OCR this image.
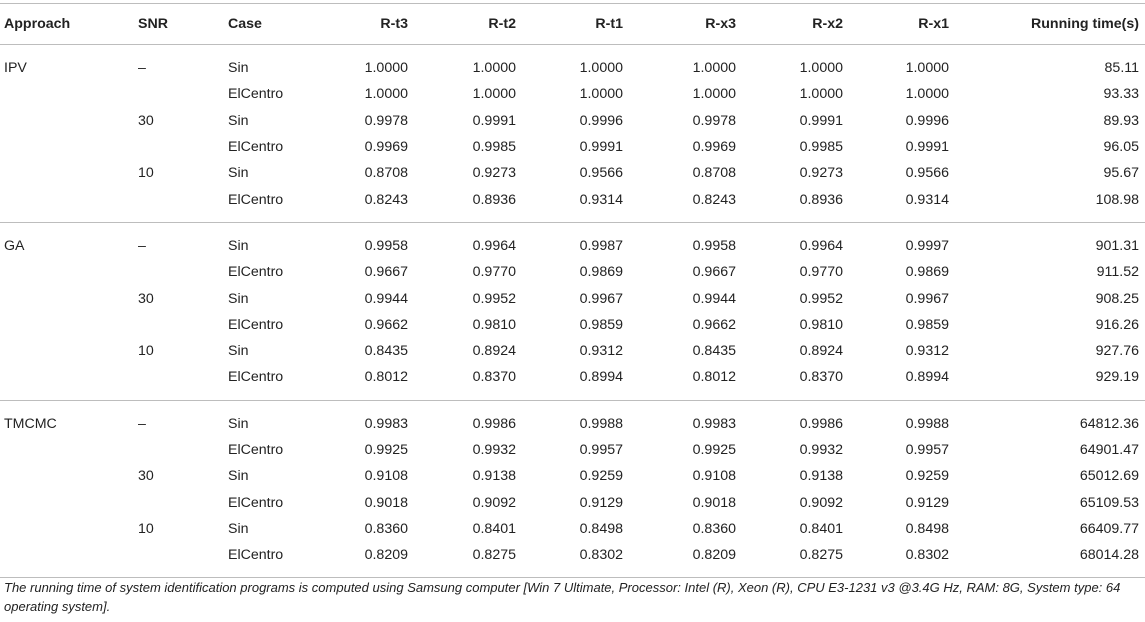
Approach	SNR	Case	R-t3	R-t2	R-t1	R-x3	R-x2	R-x1	Running time(s)
IPV	–	Sin	1.0000	1.0000	1.0000	1.0000	1.0000	1.0000	85.11
		ElCentro	1.0000	1.0000	1.0000	1.0000	1.0000	1.0000	93.33
	30	Sin	0.9978	0.9991	0.9996	0.9978	0.9991	0.9996	89.93
		ElCentro	0.9969	0.9985	0.9991	0.9969	0.9985	0.9991	96.05
	10	Sin	0.8708	0.9273	0.9566	0.8708	0.9273	0.9566	95.67
		ElCentro	0.8243	0.8936	0.9314	0.8243	0.8936	0.9314	108.98
GA	–	Sin	0.9958	0.9964	0.9987	0.9958	0.9964	0.9997	901.31
		ElCentro	0.9667	0.9770	0.9869	0.9667	0.9770	0.9869	911.52
	30	Sin	0.9944	0.9952	0.9967	0.9944	0.9952	0.9967	908.25
		ElCentro	0.9662	0.9810	0.9859	0.9662	0.9810	0.9859	916.26
	10	Sin	0.8435	0.8924	0.9312	0.8435	0.8924	0.9312	927.76
		ElCentro	0.8012	0.8370	0.8994	0.8012	0.8370	0.8994	929.19
TMCMC	–	Sin	0.9983	0.9986	0.9988	0.9983	0.9986	0.9988	64812.36
		ElCentro	0.9925	0.9932	0.9957	0.9925	0.9932	0.9957	64901.47
	30	Sin	0.9108	0.9138	0.9259	0.9108	0.9138	0.9259	65012.69
		ElCentro	0.9018	0.9092	0.9129	0.9018	0.9092	0.9129	65109.53
	10	Sin	0.8360	0.8401	0.8498	0.8360	0.8401	0.8498	66409.77
		ElCentro	0.8209	0.8275	0.8302	0.8209	0.8275	0.8302	68014.28
The running time of system identification programs is computed using Samsung computer [Win 7 Ultimate, Processor: Intel (R), Xeon (R), CPU E3-1231 v3 @3.4G Hz, RAM: 8G, System type: 64 operating system].
